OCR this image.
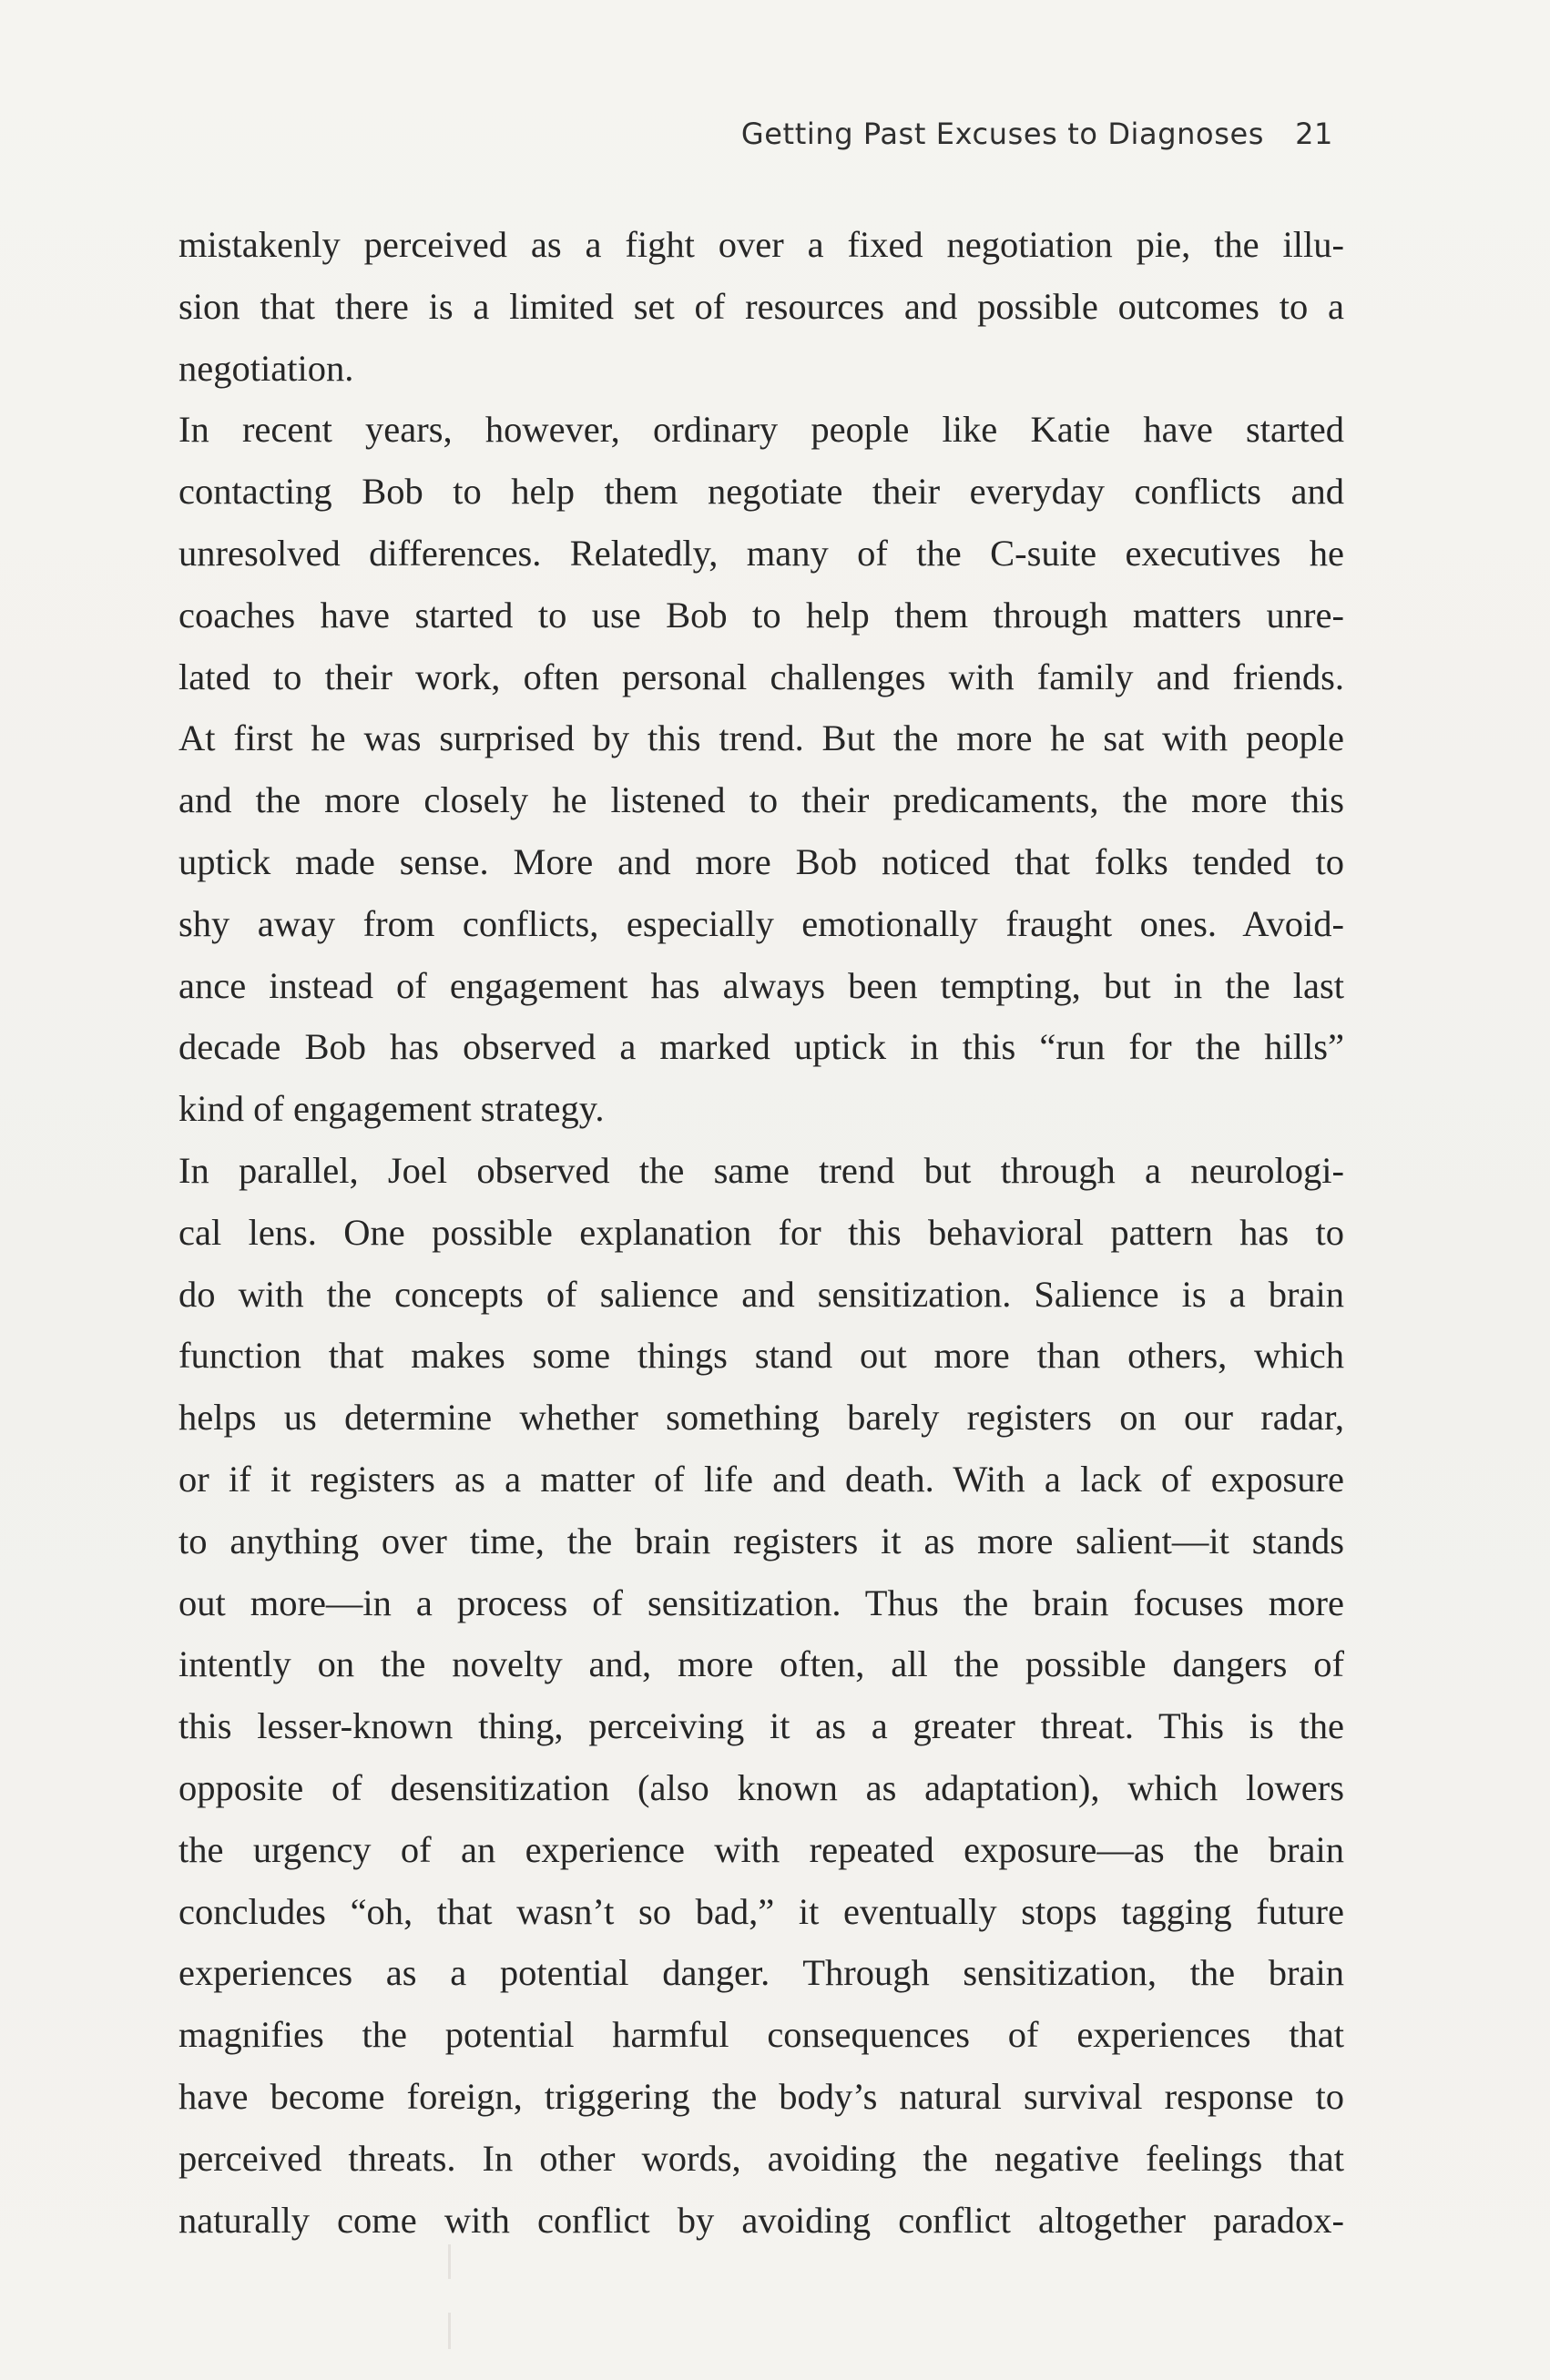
Getting Past Excuses to Diagnoses 21
mistakenly perceived as a fight over a fixed negotiation pie, the illu-
sion that there is a limited set of resources and possible outcomes to a
negotiation.
In recent years, however, ordinary people like Katie have started
contacting Bob to help them negotiate their everyday conflicts and
unresolved differences. Relatedly, many of the C-suite executives he
coaches have started to use Bob to help them through matters unre-
lated to their work, often personal challenges with family and friends.
At first he was surprised by this trend. But the more he sat with people
and the more closely he listened to their predicaments, the more this
uptick made sense. More and more Bob noticed that folks tended to
shy away from conflicts, especially emotionally fraught ones. Avoid-
ance instead of engagement has always been tempting, but in the last
decade Bob has observed a marked uptick in this “run for the hills”
kind of engagement strategy.
In parallel, Joel observed the same trend but through a neurologi-
cal lens. One possible explanation for this behavioral pattern has to
do with the concepts of salience and sensitization. Salience is a brain
function that makes some things stand out more than others, which
helps us determine whether something barely registers on our radar,
or if it registers as a matter of life and death. With a lack of exposure
to anything over time, the brain registers it as more salient—it stands
out more—in a process of sensitization. Thus the brain focuses more
intently on the novelty and, more often, all the possible dangers of
this lesser-known thing, perceiving it as a greater threat. This is the
opposite of desensitization (also known as adaptation), which lowers
the urgency of an experience with repeated exposure—as the brain
concludes “oh, that wasn’t so bad,” it eventually stops tagging future
experiences as a potential danger. Through sensitization, the brain
magnifies the potential harmful consequences of experiences that
have become foreign, triggering the body’s natural survival response to
perceived threats. In other words, avoiding the negative feelings that
naturally come with conflict by avoiding conflict altogether paradox-
